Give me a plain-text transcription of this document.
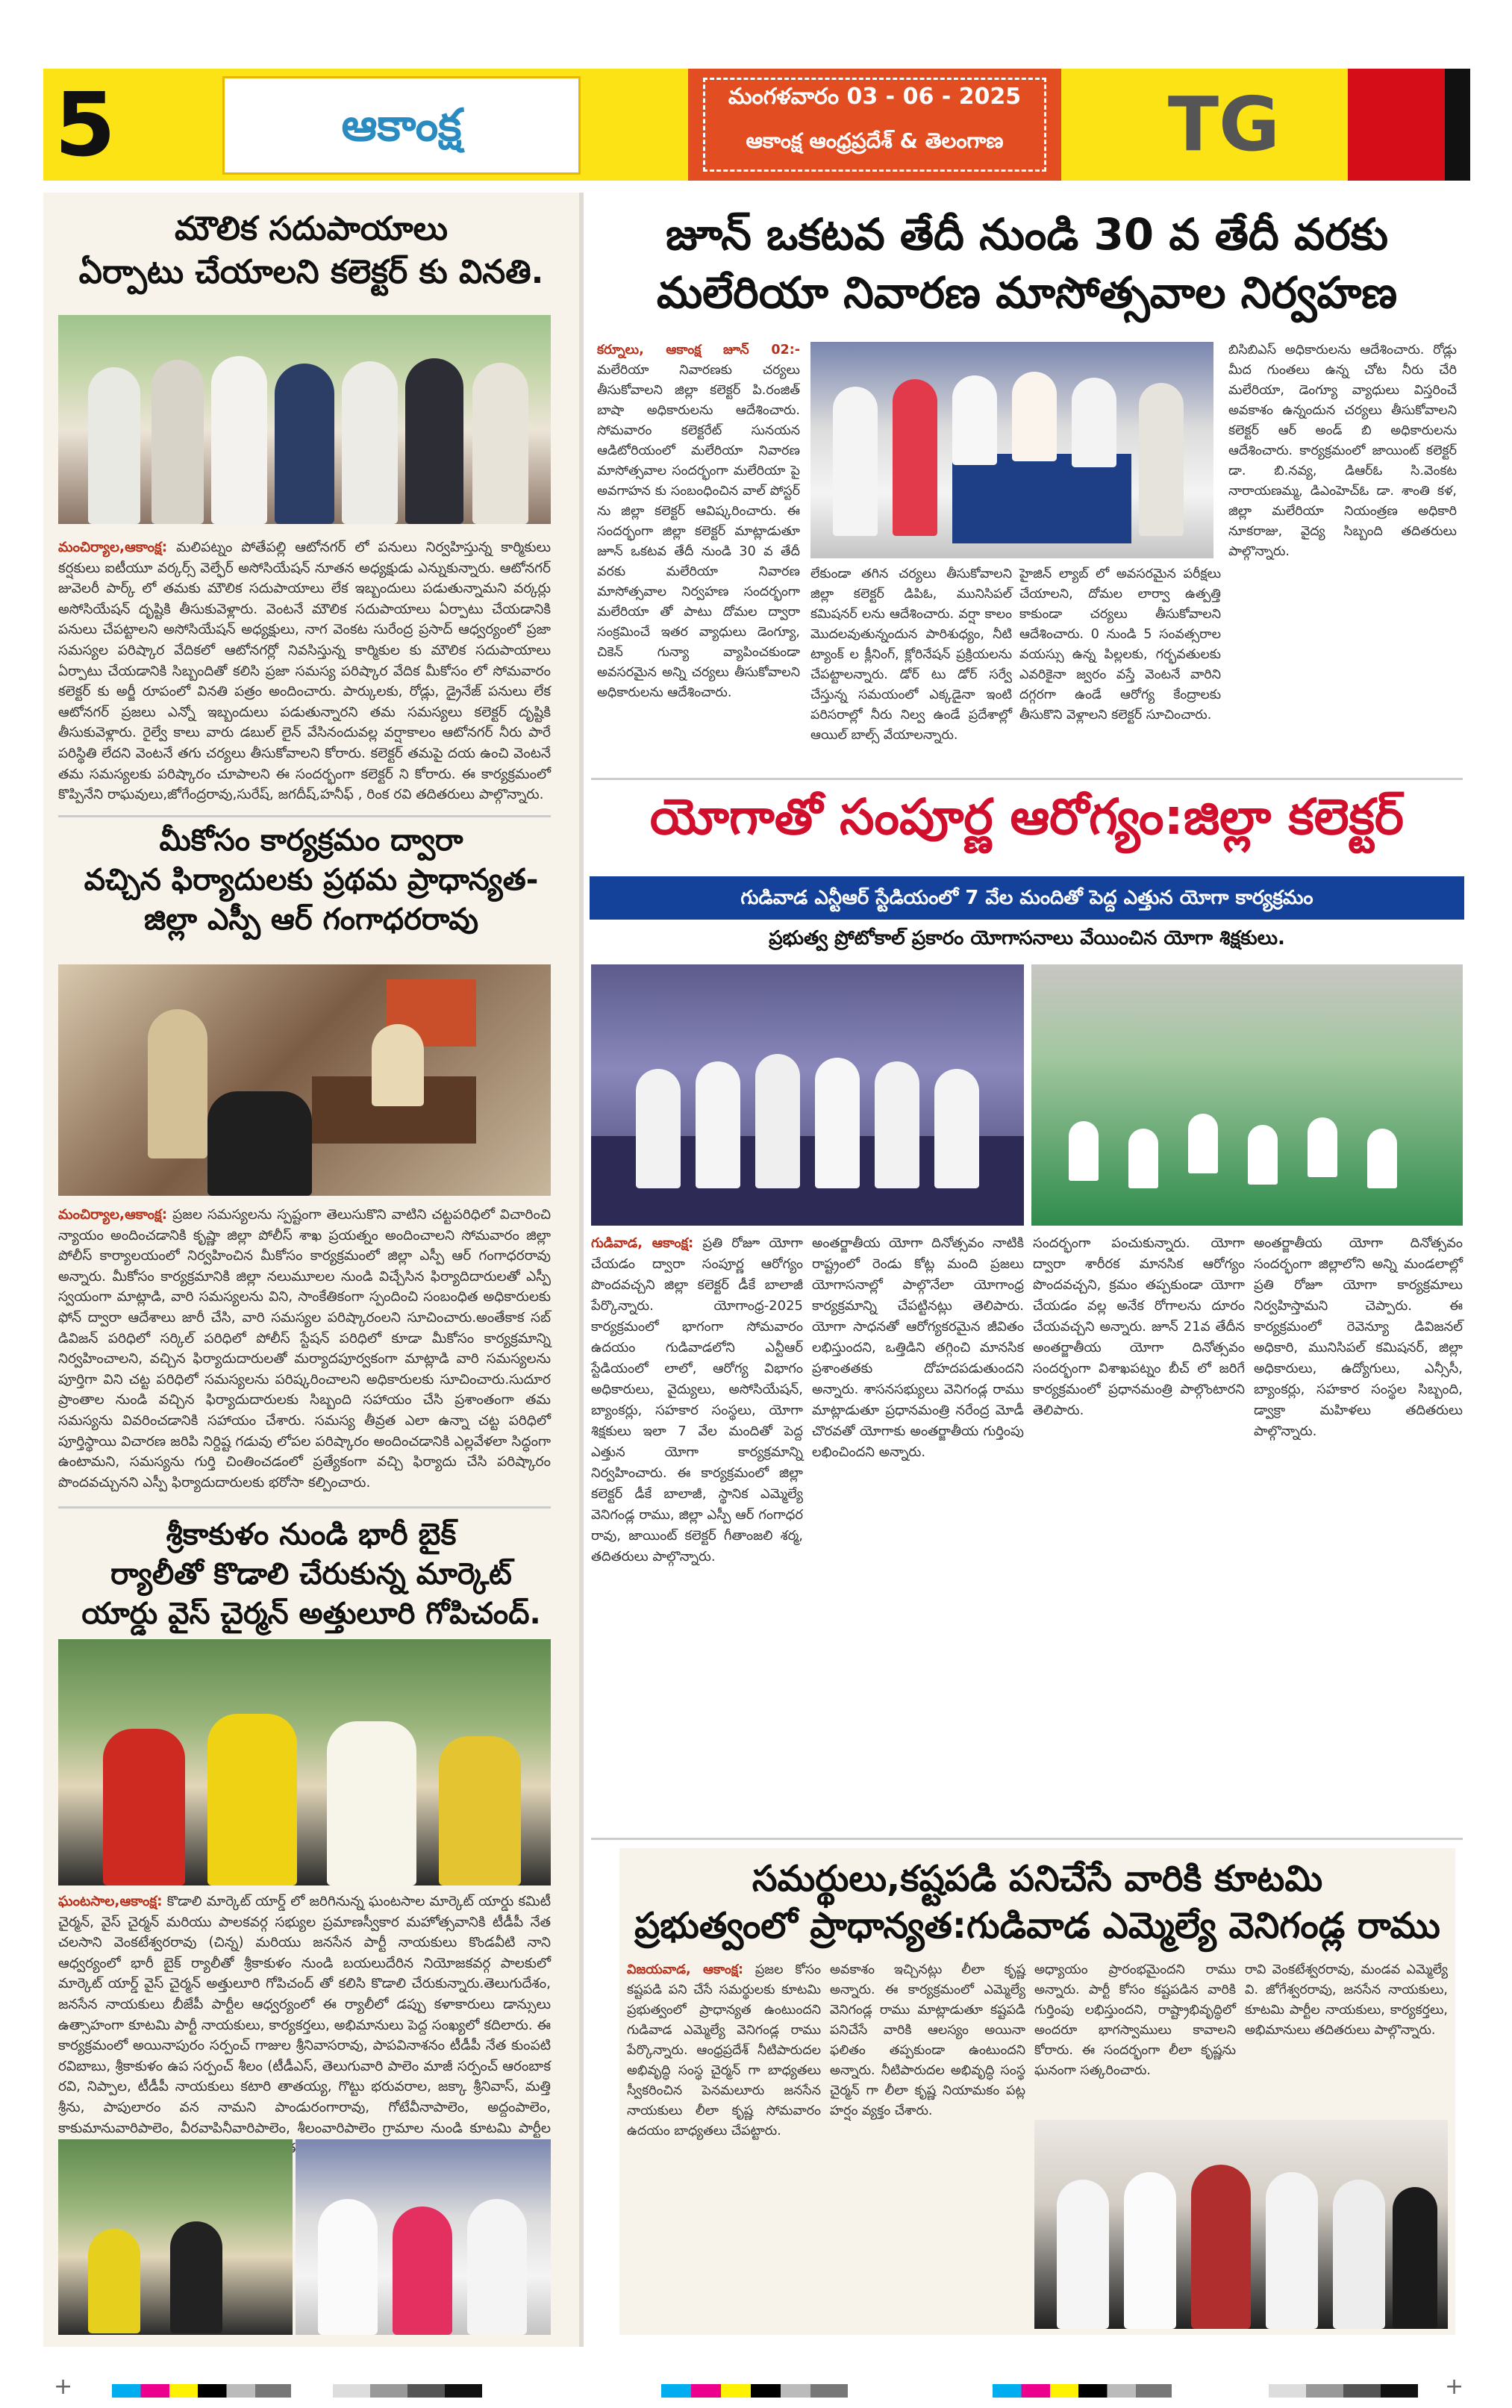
5	ఆకాంక్ష
మంగళవారం 03 - 06 - 2025
ఆకాంక్ష ఆంధ్రప్రదేశ్ & తెలంగాణ	TG
మౌలిక సదుపాయాలు
ఏర్పాటు చేయాలని కలెక్టర్ కు వినతి.
మంచిర్యాల,ఆకాంక్ష: మలిపట్నం పోతేపల్లి ఆటోనగర్ లో పనులు నిర్వహిస్తున్న కార్మికులు కర్షకులు ఐటీయూ వర్కర్స్ వెల్ఫేర్ అసోసియేషన్ నూతన అధ్యక్షుడు ఎన్నుకున్నారు. ఆటోనగర్ జువెలరీ పార్క్ లో తమకు మౌలిక సదుపాయాలు లేక ఇబ్బందులు పడుతున్నామని వర్కర్లు అసోసియేషన్ దృష్టికి తీసుకువెళ్లారు. వెంటనే మౌలిక సదుపాయాలు ఏర్పాటు చేయడానికి పనులు చేపట్టాలని అసోసియేషన్ అధ్యక్షులు, నాగ వెంకట సురేంద్ర ప్రసాద్ ఆధ్వర్యంలో ప్రజా సమస్యల పరిష్కార వేదికలో ఆటోనగర్లో నివసిస్తున్న కార్మికుల కు మౌలిక సదుపాయాలు ఏర్పాటు చేయడానికి సిబ్బందితో కలిసి ప్రజా సమస్య పరిష్కార వేదిక మీకోసం లో సోమవారం కలెక్టర్ కు అర్జీ రూపంలో వినతి పత్రం అందించారు. పార్కులకు, రోడ్లు, డ్రైనేజ్ పనులు లేక ఆటోనగర్ ప్రజలు ఎన్నో ఇబ్బందులు పడుతున్నారని తమ సమస్యలు కలెక్టర్ దృష్టికి తీసుకువెళ్లారు. రైల్వే కాలు వారు డబుల్ లైన్ వేసినందువల్ల వర్షాకాలం ఆటోనగర్ నీరు పారే పరిస్థితి లేదని వెంటనే తగు చర్యలు తీసుకోవాలని కోరారు. కలెక్టర్ తమపై దయ ఉంచి వెంటనే తమ సమస్యలకు పరిష్కారం చూపాలని ఈ సందర్భంగా కలెక్టర్ ని కోరారు. ఈ కార్యక్రమంలో కొప్పినేని రాఘవులు,జోగేంద్రరావు,సురేష్, జగదీష్,హనీఫ్ , రింక రవి తదితరులు పాల్గొన్నారు.
మీకోసం కార్యక్రమం ద్వారా
వచ్చిన ఫిర్యాదులకు ప్రథమ ప్రాధాన్యత-
జిల్లా ఎస్పీ ఆర్ గంగాధరరావు
మంచిర్యాల,ఆకాంక్ష: ప్రజల సమస్యలను స్పష్టంగా తెలుసుకొని వాటిని చట్టపరిధిలో విచారించి న్యాయం అందించడానికి కృష్ణా జిల్లా పోలీస్ శాఖ ప్రయత్నం అందించాలని సోమవారం జిల్లా పోలీస్ కార్యాలయంలో నిర్వహించిన మీకోసం కార్యక్రమంలో జిల్లా ఎస్పీ ఆర్ గంగాధరరావు అన్నారు. మీకోసం కార్యక్రమానికి జిల్లా నలుమూలల నుండి విచ్చేసిన ఫిర్యాదిదారులతో ఎస్పీ స్వయంగా మాట్లాడి, వారి సమస్యలను విని, సాంకేతికంగా స్పందించి సంబంధిత అధికారులకు ఫోన్ ద్వారా ఆదేశాలు జారీ చేసి, వారి సమస్యల పరిష్కారంలని సూచించారు.అంతేకాక సబ్ డివిజన్ పరిధిలో సర్కిల్ పరిధిలో పోలీస్ స్టేషన్ పరిధిలో కూడా మీకోసం కార్యక్రమాన్ని నిర్వహించాలని, వచ్చిన ఫిర్యాదుదారులతో మర్యాదపూర్వకంగా మాట్లాడి వారి సమస్యలను పూర్తిగా విని చట్ట పరిధిలో సమస్యలను పరిష్కరించాలని అధికారులకు సూచించారు.సుదూర ప్రాంతాల నుండి వచ్చిన ఫిర్యాదుదారులకు సిబ్బంది సహాయం చేసి ప్రశాంతంగా తమ సమస్యను వివరించడానికి సహాయం చేశారు. సమస్య తీవ్రత ఎలా ఉన్నా చట్ట పరిధిలో పూర్తిస్థాయి విచారణ జరిపి నిర్దిష్ట గడువు లోపల పరిష్కారం అందించడానికి ఎల్లవేళలా సిద్ధంగా ఉంటామని, సమస్యను గుర్తి చింతించడంలో ప్రత్యేకంగా వచ్చి ఫిర్యాదు చేసి పరిష్కారం పొందవచ్చునని ఎస్పీ ఫిర్యాదుదారులకు భరోసా కల్పించారు.
శ్రీకాకుళం నుండి భారీ బైక్
ర్యాలీతో కొడాలి చేరుకున్న మార్కెట్
యార్డు వైస్ చైర్మన్ అత్తులూరి గోపిచంద్.
ఘంటసాల,ఆకాంక్ష: కొడాలి మార్కెట్ యార్డ్ లో జరిగినున్న ఘంటసాల మార్కెట్ యార్డు కమిటీ చైర్మన్, వైస్ చైర్మన్ మరియు పాలకవర్గ సభ్యుల ప్రమాణస్వీకార మహోత్సవానికి టీడీపీ నేత చలసాని వెంకటేశ్వరరావు (చిన్న) మరియు జనసేన పార్టీ నాయకులు కొండవీటి నాని ఆధ్వర్యంలో భారీ బైక్ ర్యాలీతో శ్రీకాకుళం నుండి బయలుదేరిన నియోజకవర్గ పాలకులో మార్కెట్ యార్డ్ వైస్ చైర్మన్ అత్తులూరి గోపిచంద్ తో కలిసి కొడాలి చేరుకున్నారు.తెలుగుదేశం, జనసేన నాయకులు బీజేపీ పార్టీల ఆధ్వర్యంలో ఈ ర్యాలీలో డప్పు కళాకారులు డాన్సులు ఉత్సాహంగా కూటమి పార్టీ నాయకులు, కార్యకర్తలు, అభిమానులు పెద్ద సంఖ్యలో కదిలారు. ఈ కార్యక్రమంలో అయినాపురం సర్పంచ్ గాజుల శ్రీనివాసరావు, పాపవినాశనం టీడీపీ నేత కుంపటి రవిబాబు, శ్రీకాకుళం ఉప సర్పంచ్ శీలం (టీడీఎస్, తెలుగువారి పాలెం మాజీ సర్పంచ్ ఆరంబాక రవి, నిప్పాల, టీడీపీ నాయకులు కటారి తాతయ్య, గొట్టు భరువరాల, జక్కా శ్రీనివాస్, మత్తి శ్రీను, పాపులారం వన నామని పాండురంగారావు, గోటేవీనాపాలెం, అద్దంపాలెం, కాకుమానువారిపాలెం, వీరవాపినీవారిపాలెం, శీలంవారిపాలెం గ్రామాల నుండి కూటమి పార్టీల తదితరులు
జూన్ ఒకటవ తేదీ నుండి 30 వ తేదీ వరకు
మలేరియా నివారణ మాసోత్సవాల నిర్వహణ
కర్నూలు, ఆకాంక్ష జూన్ 02:- మలేరియా నివారణకు చర్యలు తీసుకోవాలని జిల్లా కలెక్టర్ పి.రంజిత్ బాషా అధికారులను ఆదేశించారు. సోమవారం కలెక్టరేట్ సునయన ఆడిటోరియంలో మలేరియా నివారణ మాసోత్సవాల సందర్భంగా మలేరియా పై అవగాహన కు సంబంధించిన వాల్ పోస్టర్ ను జిల్లా కలెక్టర్ ఆవిష్కరించారు. ఈ సందర్భంగా జిల్లా కలెక్టర్ మాట్లాడుతూ జూన్ ఒకటవ తేదీ నుండి 30 వ తేదీ వరకు మలేరియా నివారణ మాసోత్సవాల నిర్వహణ సందర్భంగా మలేరియా తో పాటు దోమల ద్వారా సంక్రమించే ఇతర వ్యాధులు డెంగ్యూ, చికెన్ గున్యా వ్యాపించకుండా అవసరమైన అన్ని చర్యలు తీసుకోవాలని అధికారులను ఆదేశించారు.
లేకుండా తగిన చర్యలు తీసుకోవాలని జిల్లా కలెక్టర్ డిపిఓ, మునిసిపల్ కమిషనర్ లను ఆదేశించారు. వర్షా కాలం మొదలవుతున్నందున పారిశుధ్యం, నీటి ట్యాంక్ ల క్లీనింగ్, క్లోరినేషన్ ప్రక్రియలను చేపట్టాలన్నారు. డోర్ టు డోర్ సర్వే చేస్తున్న సమయంలో ఎక్కడైనా ఇంటి పరిసరాల్లో నీరు నిల్వ ఉండే ప్రదేశాల్లో ఆయిల్ బాల్స్ వేయాలన్నారు.
హైజిన్ ల్యాబ్ లో అవసరమైన పరీక్షలు చేయాలని, దోమల లార్వా ఉత్పత్తి కాకుండా చర్యలు తీసుకోవాలని ఆదేశించారు. 0 నుండి 5 సంవత్సరాల వయస్సు ఉన్న పిల్లలకు, గర్భవతులకు ఎవరికైనా జ్వరం వస్తే వెంటనే వారిని దగ్గరగా ఉండే ఆరోగ్య కేంద్రాలకు తీసుకొని వెళ్లాలని కలెక్టర్ సూచించారు.
బిసిబిఎస్ అధికారులను ఆదేశించారు. రోడ్లు మీద గుంతలు ఉన్న చోట నీరు చేరి మలేరియా, డెంగ్యూ వ్యాధులు విస్తరించే అవకాశం ఉన్నందున చర్యలు తీసుకోవాలని కలెక్టర్ ఆర్ అండ్ బి అధికారులను ఆదేశించారు. కార్యక్రమంలో జాయింట్ కలెక్టర్ డా. బి.నవ్య, డిఆర్ఓ సి.వెంకట నారాయణమ్మ, డిఎంహెచ్ఓ డా. శాంతి కళ, జిల్లా మలేరియా నియంత్రణ అధికారి నూకరాజు, వైద్య సిబ్బంది తదితరులు పాల్గొన్నారు.
యోగాతో సంపూర్ణ ఆరోగ్యం:జిల్లా కలెక్టర్
గుడివాడ ఎన్టీఆర్ స్టేడియంలో 7 వేల మందితో పెద్ద ఎత్తున యోగా కార్యక్రమం
ప్రభుత్వ ప్రోటోకాల్ ప్రకారం యోగాసనాలు వేయించిన యోగా శిక్షకులు.
గుడివాడ, ఆకాంక్ష: ప్రతి రోజూ యోగా చేయడం ద్వారా సంపూర్ణ ఆరోగ్యం పొందవచ్చని జిల్లా కలెక్టర్ డీకే బాలాజీ పేర్కొన్నారు. యోగాంధ్ర-2025 కార్యక్రమంలో భాగంగా సోమవారం ఉదయం గుడివాడలోని ఎన్టీఆర్ స్టేడియంలో లాలో, ఆరోగ్య విభాగం అధికారులు, వైద్యులు, అసోసియేషన్, బ్యాంకర్లు, సహకార సంస్థలు, యోగా శిక్షకులు ఇలా 7 వేల మందితో పెద్ద ఎత్తున యోగా కార్యక్రమాన్ని నిర్వహించారు. ఈ కార్యక్రమంలో జిల్లా కలెక్టర్ డీకే బాలాజీ, స్థానిక ఎమ్మెల్యే వెనిగండ్ల రాము, జిల్లా ఎస్పీ ఆర్ గంగాధర రావు, జాయింట్ కలెక్టర్ గీతాంజలి శర్మ, తదితరులు పాల్గొన్నారు.
అంతర్జాతీయ యోగా దినోత్సవం నాటికి రాష్ట్రంలో రెండు కోట్ల మంది ప్రజలు యోగాసనాల్లో పాల్గొనేలా యోగాంధ్ర కార్యక్రమాన్ని చేపట్టినట్లు తెలిపారు. యోగా సాధనతో ఆరోగ్యకరమైన జీవితం లభిస్తుందని, ఒత్తిడిని తగ్గించి మానసిక ప్రశాంతతకు దోహదపడుతుందని అన్నారు. శాసనసభ్యులు వెనిగండ్ల రాము మాట్లాడుతూ ప్రధానమంత్రి నరేంద్ర మోడీ చొరవతో యోగాకు అంతర్జాతీయ గుర్తింపు లభించిందని అన్నారు.
సందర్భంగా పంచుకున్నారు. యోగా ద్వారా శారీరక మానసిక ఆరోగ్యం పొందవచ్చని, క్రమం తప్పకుండా యోగా చేయడం వల్ల అనేక రోగాలను దూరం చేయవచ్చని అన్నారు. జూన్ 21వ తేదీన అంతర్జాతీయ యోగా దినోత్సవం సందర్భంగా విశాఖపట్నం బీచ్ లో జరిగే కార్యక్రమంలో ప్రధానమంత్రి పాల్గొంటారని తెలిపారు.
అంతర్జాతీయ యోగా దినోత్సవం సందర్భంగా జిల్లాలోని అన్ని మండలాల్లో ప్రతి రోజూ యోగా కార్యక్రమాలు నిర్వహిస్తామని చెప్పారు. ఈ కార్యక్రమంలో రెవెన్యూ డివిజనల్ అధికారి, మునిసిపల్ కమిషనర్, జిల్లా అధికారులు, ఉద్యోగులు, ఎన్సీసీ, బ్యాంకర్లు, సహకార సంస్థల సిబ్బంది, డ్వాక్రా మహిళలు తదితరులు పాల్గొన్నారు.
సమర్థులు,కష్టపడి పనిచేసే వారికి కూటమి
ప్రభుత్వంలో ప్రాధాన్యత:గుడివాడ ఎమ్మెల్యే వెనిగండ్ల రాము
విజయవాడ, ఆకాంక్ష: ప్రజల కోసం కష్టపడి పని చేసే సమర్థులకు కూటమి ప్రభుత్వంలో ప్రాధాన్యత ఉంటుందని గుడివాడ ఎమ్మెల్యే వెనిగండ్ల రాము పేర్కొన్నారు. ఆంధ్రప్రదేశ్ నీటిపారుదల అభివృద్ధి సంస్థ చైర్మన్ గా బాధ్యతలు స్వీకరించిన పెనమలూరు జనసేన నాయకులు లీలా కృష్ణ సోమవారం ఉదయం బాధ్యతలు చేపట్టారు.
అవకాశం ఇచ్చినట్లు లీలా కృష్ణ అన్నారు. ఈ కార్యక్రమంలో ఎమ్మెల్యే వెనిగండ్ల రాము మాట్లాడుతూ కష్టపడి పనిచేసే వారికి ఆలస్యం అయినా ఫలితం తప్పకుండా ఉంటుందని అన్నారు. నీటిపారుదల అభివృద్ధి సంస్థ చైర్మన్ గా లీలా కృష్ణ నియామకం పట్ల హర్షం వ్యక్తం చేశారు.
అధ్యాయం ప్రారంభమైందని రాము అన్నారు. పార్టీ కోసం కష్టపడిన వారికి గుర్తింపు లభిస్తుందని, రాష్ట్రాభివృద్ధిలో అందరూ భాగస్వాములు కావాలని కోరారు. ఈ సందర్భంగా లీలా కృష్ణను ఘనంగా సత్కరించారు.
రావి వెంకటేశ్వరరావు, మండవ ఎమ్మెల్యే వి. జోగేశ్వరరావు, జనసేన నాయకులు, కూటమి పార్టీల నాయకులు, కార్యకర్తలు, అభిమానులు తదితరులు పాల్గొన్నారు.
+	+
